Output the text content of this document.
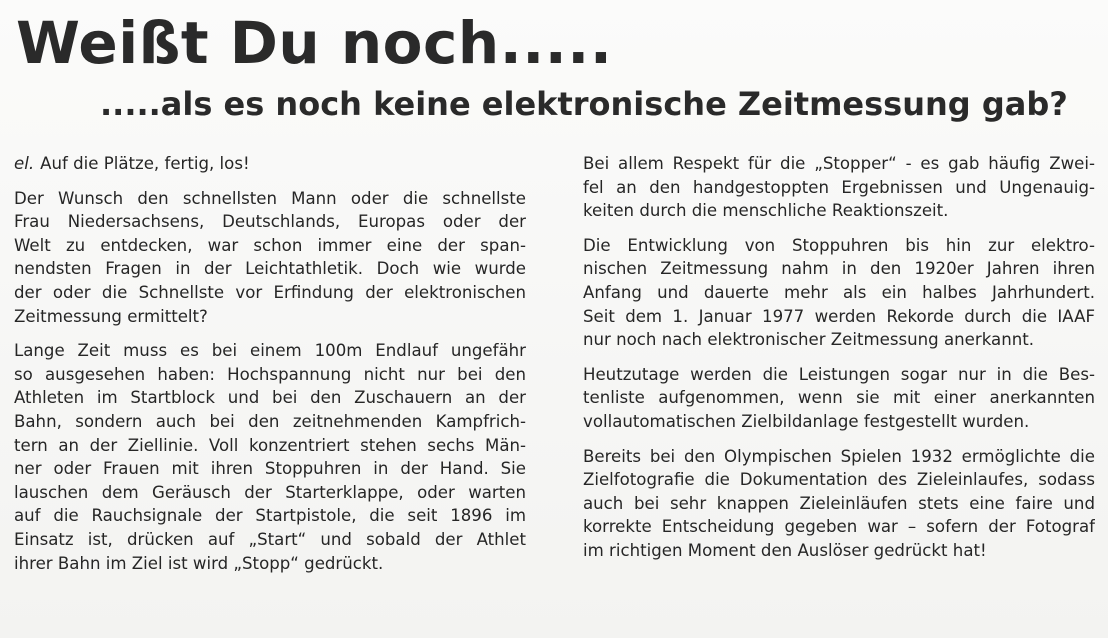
Weißt Du noch.....
.....als es noch keine elektronische Zeitmessung gab?

el. Auf die Plätze, fertig, los!

Der Wunsch den schnellsten Mann oder die schnellste
Frau Niedersachsens, Deutschlands, Europas oder der
Welt zu entdecken, war schon immer eine der span-
nendsten Fragen in der Leichtathletik. Doch wie wurde
der oder die Schnellste vor Erfindung der elektronischen
Zeitmessung ermittelt?

Lange Zeit muss es bei einem 100m Endlauf ungefähr
so ausgesehen haben: Hochspannung nicht nur bei den
Athleten im Startblock und bei den Zuschauern an der
Bahn, sondern auch bei den zeitnehmenden Kampfrich-
tern an der Ziellinie. Voll konzentriert stehen sechs Män-
ner oder Frauen mit ihren Stoppuhren in der Hand. Sie
lauschen dem Geräusch der Starterklappe, oder warten
auf die Rauchsignale der Startpistole, die seit 1896 im
Einsatz ist, drücken auf „Start“ und sobald der Athlet
ihrer Bahn im Ziel ist wird „Stopp“ gedrückt.

Bei allem Respekt für die „Stopper“ - es gab häufig Zwei-
fel an den handgestoppten Ergebnissen und Ungenauig-
keiten durch die menschliche Reaktionszeit.

Die Entwicklung von Stoppuhren bis hin zur elektro-
nischen Zeitmessung nahm in den 1920er Jahren ihren
Anfang und dauerte mehr als ein halbes Jahrhundert.
Seit dem 1. Januar 1977 werden Rekorde durch die IAAF
nur noch nach elektronischer Zeitmessung anerkannt.

Heutzutage werden die Leistungen sogar nur in die Bes-
tenliste aufgenommen, wenn sie mit einer anerkannten
vollautomatischen Zielbildanlage festgestellt wurden.

Bereits bei den Olympischen Spielen 1932 ermöglichte die
Zielfotografie die Dokumentation des Zieleinlaufes, sodass
auch bei sehr knappen Zieleinläufen stets eine faire und
korrekte Entscheidung gegeben war – sofern der Fotograf
im richtigen Moment den Auslöser gedrückt hat!
